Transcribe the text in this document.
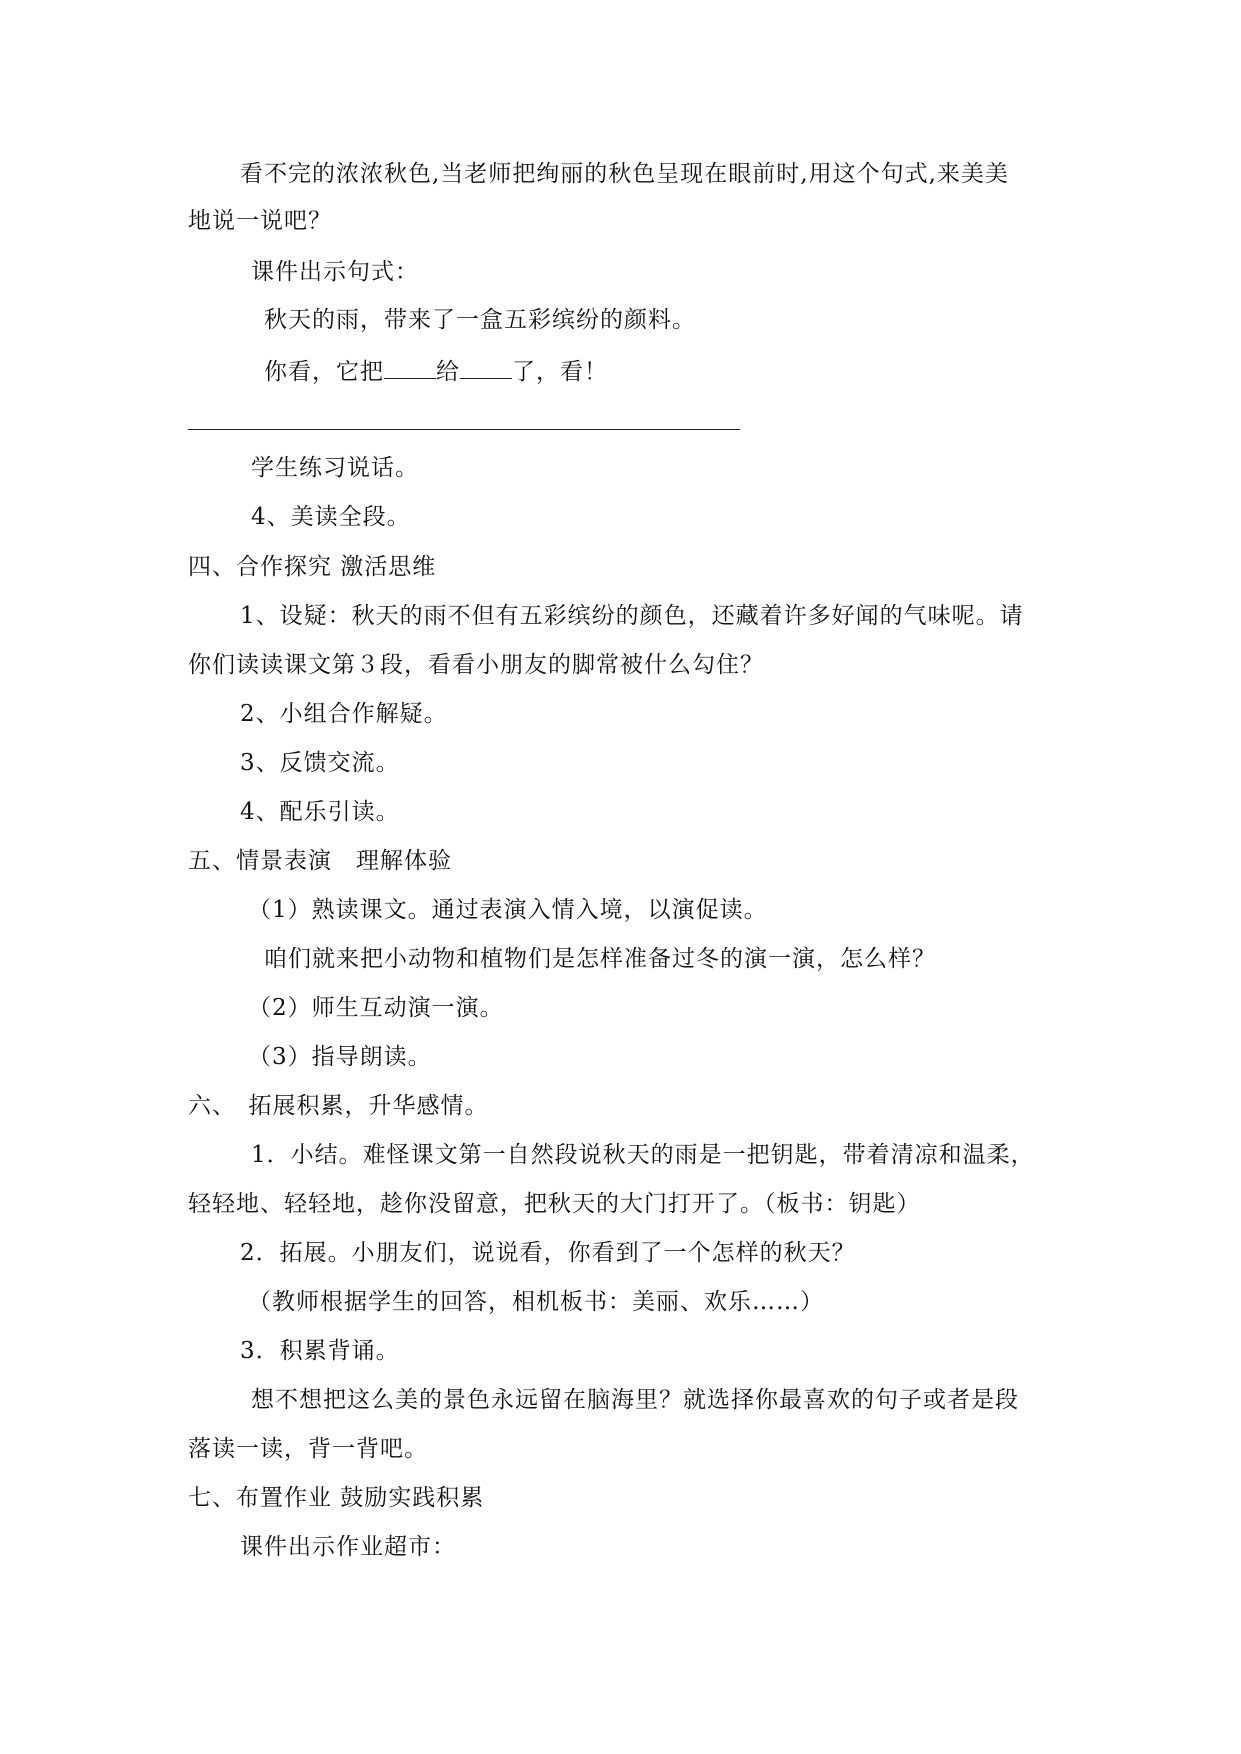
看不完的浓浓秋色,当老师把绚丽的秋色呈现在眼前时,用这个句式,来美美
地说一说吧？
课件出示句式：
秋天的雨，带来了一盒五彩缤纷的颜料。
你看，它把 给 了，看！
学生练习说话。
4、美读全段。
四、合作探究 激活思维
1、设疑：秋天的雨不但有五彩缤纷的颜色，还藏着许多好闻的气味呢。请
你们读读课文第３段，看看小朋友的脚常被什么勾住？
2、小组合作解疑。
3、反馈交流。
4、配乐引读。
五、情景表演　理解体验
（1）熟读课文。通过表演入情入境，以演促读。
咱们就来把小动物和植物们是怎样准备过冬的演一演，怎么样？
（2）师生互动演一演。
（3）指导朗读。
六、　拓展积累，升华感情。
1．小结。难怪课文第一自然段说秋天的雨是一把钥匙，带着清凉和温柔，
轻轻地、轻轻地，趁你没留意，把秋天的大门打开了。（板书：钥匙）
2．拓展。小朋友们，说说看，你看到了一个怎样的秋天？
（教师根据学生的回答，相机板书：美丽、欢乐……）
3．积累背诵。
想不想把这么美的景色永远留在脑海里？就选择你最喜欢的句子或者是段
落读一读，背一背吧。
七、布置作业 鼓励实践积累
课件出示作业超市：
